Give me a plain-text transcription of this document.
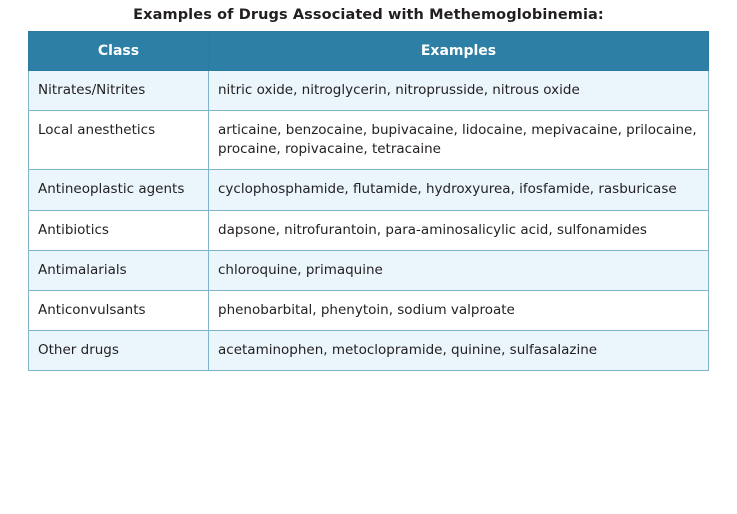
Examples of Drugs Associated with Methemoglobinemia:
Class	Examples
Nitrates/Nitrites	nitric oxide, nitroglycerin, nitroprusside, nitrous oxide
Local anesthetics	articaine, benzocaine, bupivacaine, lidocaine, mepivacaine, prilocaine, procaine, ropivacaine, tetracaine
Antineoplastic agents	cyclophosphamide, flutamide, hydroxyurea, ifosfamide, rasburicase
Antibiotics	dapsone, nitrofurantoin, para-aminosalicylic acid, sulfonamides
Antimalarials	chloroquine, primaquine
Anticonvulsants	phenobarbital, phenytoin, sodium valproate
Other drugs	acetaminophen, metoclopramide, quinine, sulfasalazine
